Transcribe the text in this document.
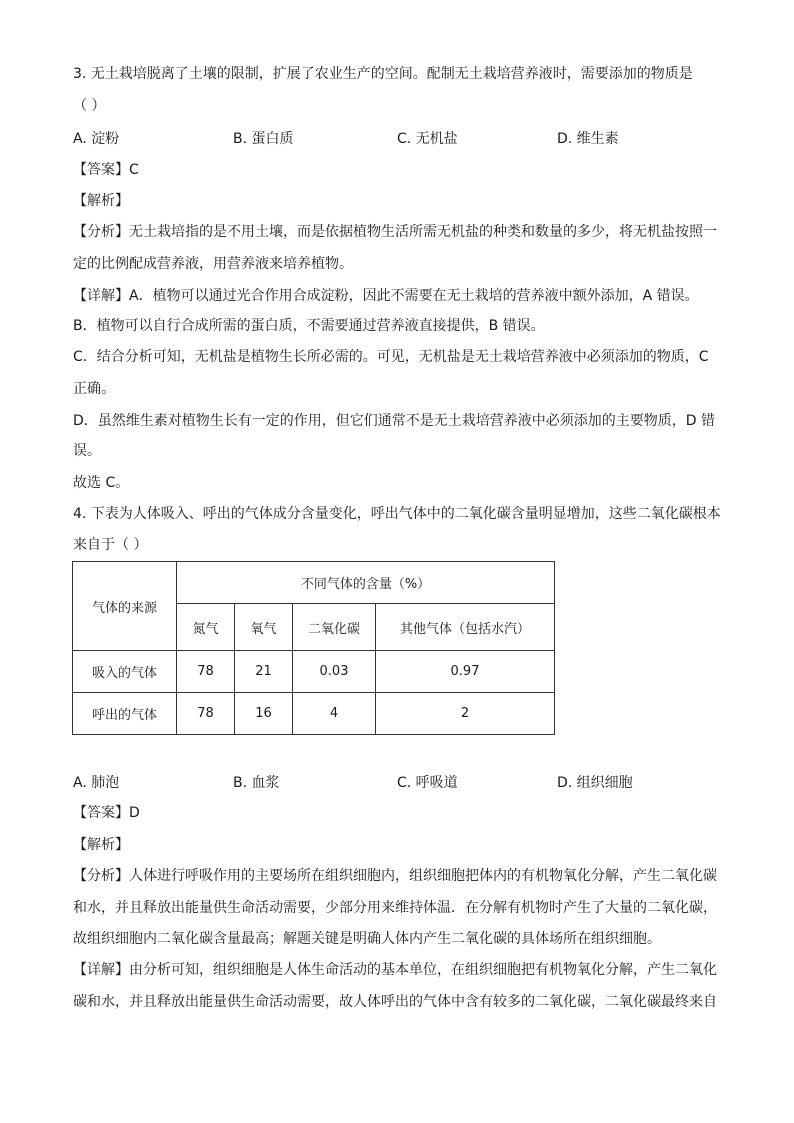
3. 无土栽培脱离了土壤的限制，扩展了农业生产的空间。配制无土栽培营养液时，需要添加的物质是
（ ）
A. 淀粉	B. 蛋白质	C. 无机盐	D. 维生素
【答案】C
【解析】
【分析】无土栽培指的是不用土壤，而是依据植物生活所需无机盐的种类和数量的多少，将无机盐按照一
定的比例配成营养液，用营养液来培养植物。
【详解】A．植物可以通过光合作用合成淀粉，因此不需要在无土栽培的营养液中额外添加，A 错误。
B．植物可以自行合成所需的蛋白质，不需要通过营养液直接提供，B 错误。
C．结合分析可知，无机盐是植物生长所必需的。可见，无机盐是无土栽培营养液中必须添加的物质，C
正确。
D．虽然维生素对植物生长有一定的作用，但它们通常不是无土栽培营养液中必须添加的主要物质，D 错
误。
故选 C。
4. 下表为人体吸入、呼出的气体成分含量变化，呼出气体中的二氧化碳含量明显增加，这些二氧化碳根本
来自于（ ）
气体的来源	不同气体的含量（%）			
	氮气	氧气	二氧化碳	其他气体（包括水汽）
吸入的气体	78	21	0.03	0.97
呼出的气体	78	16	4	2
A. 肺泡	B. 血浆	C. 呼吸道	D. 组织细胞
【答案】D
【解析】
【分析】人体进行呼吸作用的主要场所在组织细胞内，组织细胞把体内的有机物氧化分解，产生二氧化碳
和水，并且释放出能量供生命活动需要，少部分用来维持体温．在分解有机物时产生了大量的二氧化碳，
故组织细胞内二氧化碳含量最高；解题关键是明确人体内产生二氧化碳的具体场所在组织细胞。
【详解】由分析可知，组织细胞是人体生命活动的基本单位，在组织细胞把有机物氧化分解，产生二氧化
碳和水，并且释放出能量供生命活动需要，故人体呼出的气体中含有较多的二氧化碳，二氧化碳最终来自
